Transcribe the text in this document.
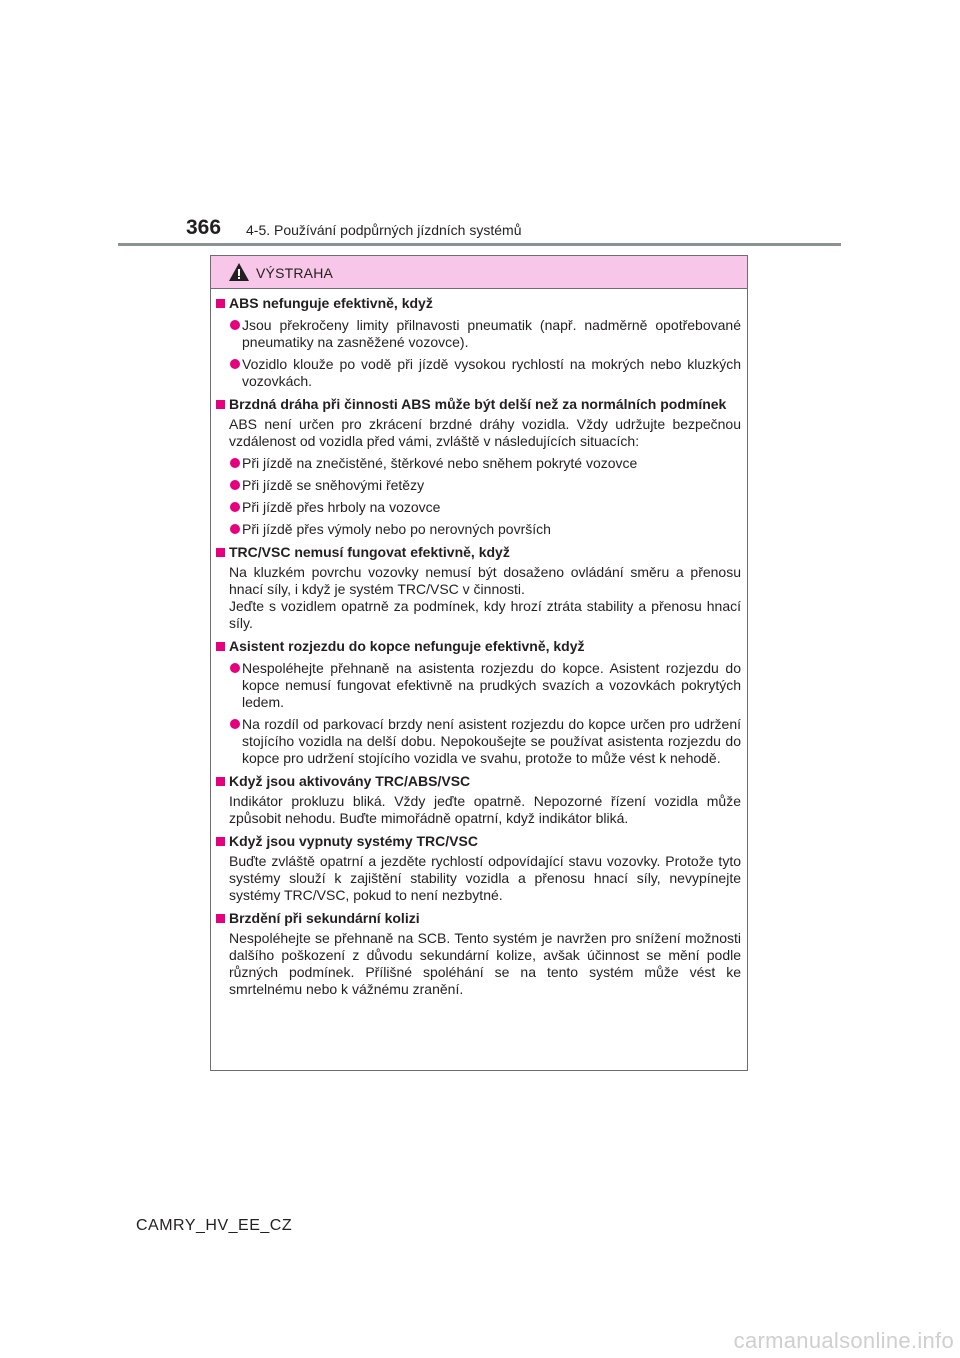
366 4-5. Používání podpůrných jízdních systémů
VÝSTRAHA
ABS nefunguje efektivně, když
Jsou překročeny limity přilnavosti pneumatik (např. nadměrně opotřebované pneumatiky na zasněžené vozovce).
Vozidlo klouže po vodě při jízdě vysokou rychlostí na mokrých nebo kluzkých vozovkách.
Brzdná dráha při činnosti ABS může být delší než za normálních podmínek
ABS není určen pro zkrácení brzdné dráhy vozidla. Vždy udržujte bezpečnou vzdálenost od vozidla před vámi, zvláště v následujících situacích:
Při jízdě na znečistěné, štěrkové nebo sněhem pokryté vozovce
Při jízdě se sněhovými řetězy
Při jízdě přes hrboly na vozovce
Při jízdě přes výmoly nebo po nerovných površích
TRC/VSC nemusí fungovat efektivně, když
Na kluzkém povrchu vozovky nemusí být dosaženo ovládání směru a přenosu hnací síly, i když je systém TRC/VSC v činnosti.
Jeďte s vozidlem opatrně za podmínek, kdy hrozí ztráta stability a přenosu hnací síly.
Asistent rozjezdu do kopce nefunguje efektivně, když
Nespoléhejte přehnaně na asistenta rozjezdu do kopce. Asistent rozjezdu do kopce nemusí fungovat efektivně na prudkých svazích a vozovkách pokrytých ledem.
Na rozdíl od parkovací brzdy není asistent rozjezdu do kopce určen pro udržení stojícího vozidla na delší dobu. Nepokoušejte se používat asistenta rozjezdu do kopce pro udržení stojícího vozidla ve svahu, protože to může vést k nehodě.
Když jsou aktivovány TRC/ABS/VSC
Indikátor prokluzu bliká. Vždy jeďte opatrně. Nepozorné řízení vozidla může způsobit nehodu. Buďte mimořádně opatrní, když indikátor bliká.
Když jsou vypnuty systémy TRC/VSC
Buďte zvláště opatrní a jezděte rychlostí odpovídající stavu vozovky. Protože tyto systémy slouží k zajištění stability vozidla a přenosu hnací síly, nevypínejte systémy TRC/VSC, pokud to není nezbytné.
Brzdění při sekundární kolizi
Nespoléhejte se přehnaně na SCB. Tento systém je navržen pro snížení možnosti dalšího poškození z důvodu sekundární kolize, avšak účinnost se mění podle různých podmínek. Přílišné spoléhání se na tento systém může vést ke smrtelnému nebo k vážnému zranění.
CAMRY_HV_EE_CZ
carmanualsonline.info
